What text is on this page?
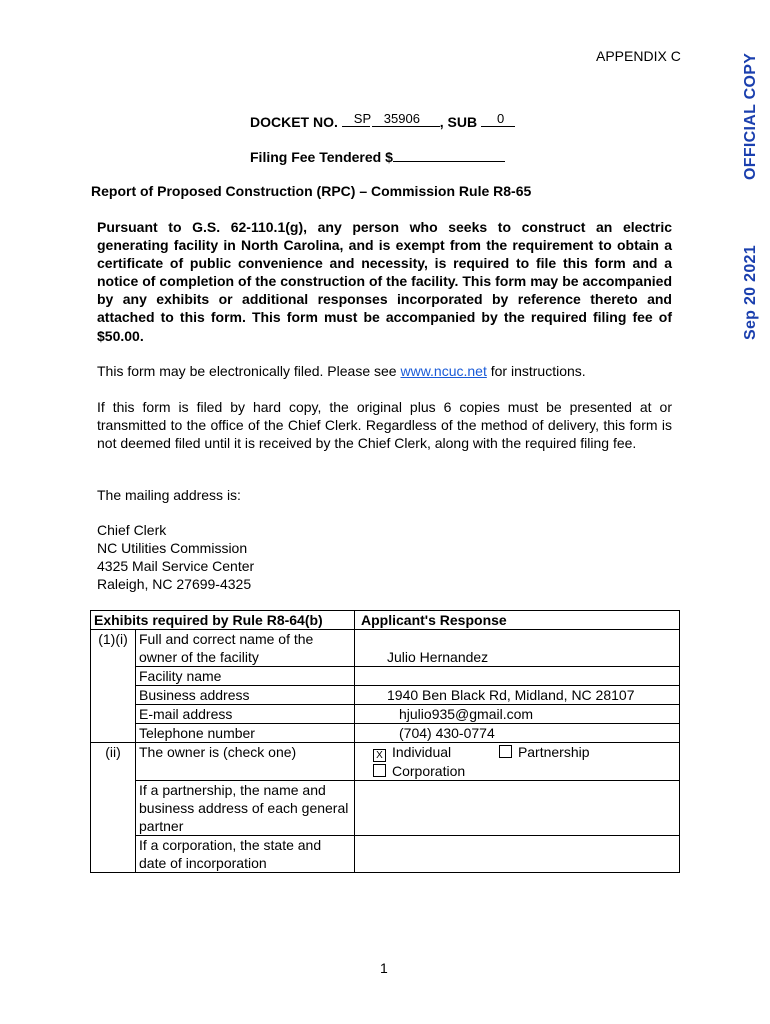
APPENDIX C	OFFICIAL COPY
Sep 20 2021
DOCKET NO. SP 35906 , SUB 0
Filing Fee Tendered $
Report of Proposed Construction (RPC) – Commission Rule R8-65
Pursuant to G.S. 62-110.1(g), any person who seeks to construct an electric generating facility in North Carolina, and is exempt from the requirement to obtain a certificate of public convenience and necessity, is required to file this form and a notice of completion of the construction of the facility. This form may be accompanied by any exhibits or additional responses incorporated by reference thereto and attached to this form. This form must be accompanied by the required filing fee of $50.00.
This form may be electronically filed. Please see www.ncuc.net for instructions.
If this form is filed by hard copy, the original plus 6 copies must be presented at or transmitted to the office of the Chief Clerk. Regardless of the method of delivery, this form is not deemed filed until it is received by the Chief Clerk, along with the required filing fee.
The mailing address is:
Chief Clerk
NC Utilities Commission
4325 Mail Service Center
Raleigh, NC 27699-4325
Exhibits required by Rule R8-64(b)		Applicant's Response
(1)(i)	Full and correct name of the owner of the facility	Julio Hernandez
	Facility name	
	Business address	1940 Ben Black Rd, Midland, NC 28107
	E-mail address	hjulio935@gmail.com
	Telephone number	(704) 430-0774

(ii)	The owner is (check one)	X Individual Partnership
Corporation

	If a partnership, the name and business address of each general partner	
	If a corporation, the state and date of incorporation	
1
